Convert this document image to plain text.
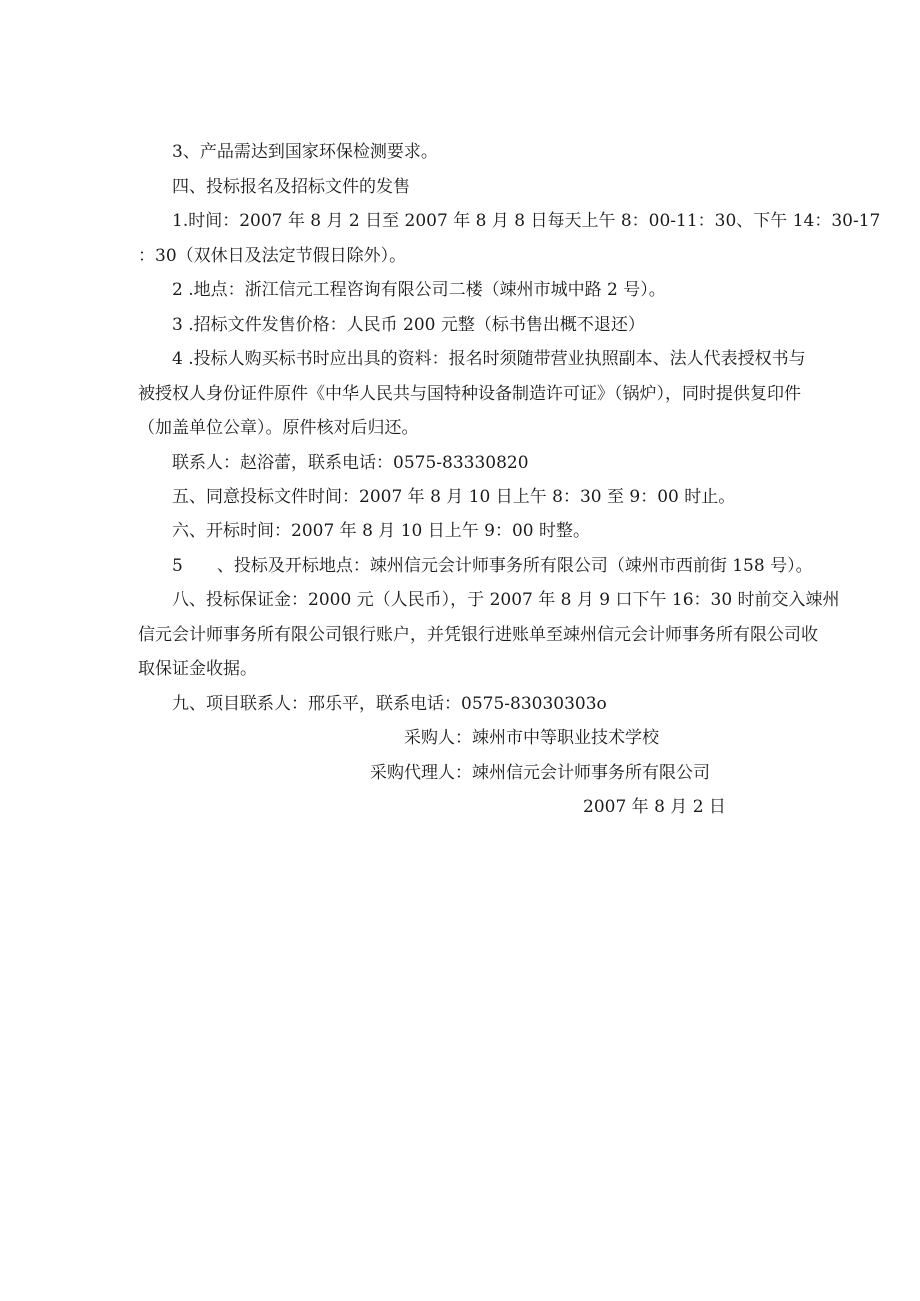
3、产品需达到国家环保检测要求。
四、投标报名及招标文件的发售
1.时间：2007 年 8 月 2 日至 2007 年 8 月 8 日每天上午 8：00-11：30、下午 14：30-17
：30（双休日及法定节假日除外）。
2 .地点：浙江信元工程咨询有限公司二楼（竦州市城中路 2 号）。
3 .招标文件发售价格：人民币 200 元整（标书售出概不退还）
4 .投标人购买标书时应出具的资料：报名时须随带营业执照副本、法人代表授权书与
被授权人身份证件原件《中华人民共与国特种设备制造许可证》（锅炉），同时提供复印件
（加盖单位公章）。原件核对后归还。
联系人：赵浴蕾，联系电话：0575-83330820
五、同意投标文件时间：2007 年 8 月 10 日上午 8：30 至 9：00 时止。
六、开标时间：2007 年 8 月 10 日上午 9：00 时整。
5　　、投标及开标地点：竦州信元会计师事务所有限公司（竦州市西前街 158 号）。
八、投标保证金：2000 元（人民币），于 2007 年 8 月 9 口下午 16：30 时前交入竦州
信元会计师事务所有限公司银行账户，并凭银行进账单至竦州信元会计师事务所有限公司收
取保证金收据。
九、项目联系人：邢乐平，联系电话：0575-83030303o
采购人：竦州市中等职业技术学校
采购代理人：竦州信元会计师事务所有限公司
2007 年 8 月 2 日
